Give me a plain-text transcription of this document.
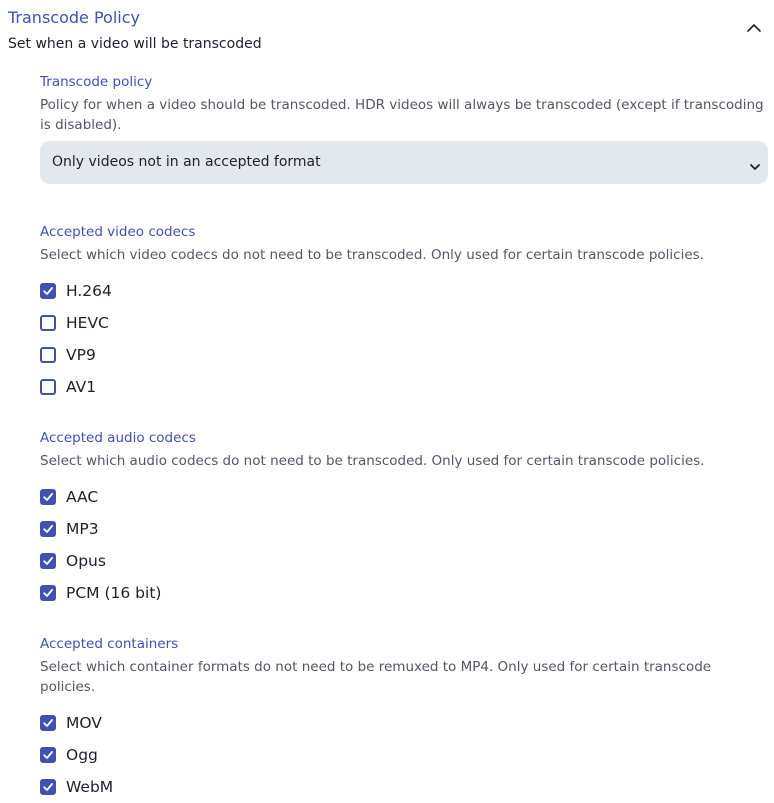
Transcode Policy
Set when a video will be transcoded
Transcode policy
Policy for when a video should be transcoded. HDR videos will always be transcoded (except if transcoding is disabled).
Only videos not in an accepted format
Accepted video codecs
Select which video codecs do not need to be transcoded. Only used for certain transcode policies.
H.264
HEVC
VP9
AV1
Accepted audio codecs
Select which audio codecs do not need to be transcoded. Only used for certain transcode policies.
AAC
MP3
Opus
PCM (16 bit)
Accepted containers
Select which container formats do not need to be remuxed to MP4. Only used for certain transcode policies.
MOV
Ogg
WebM
